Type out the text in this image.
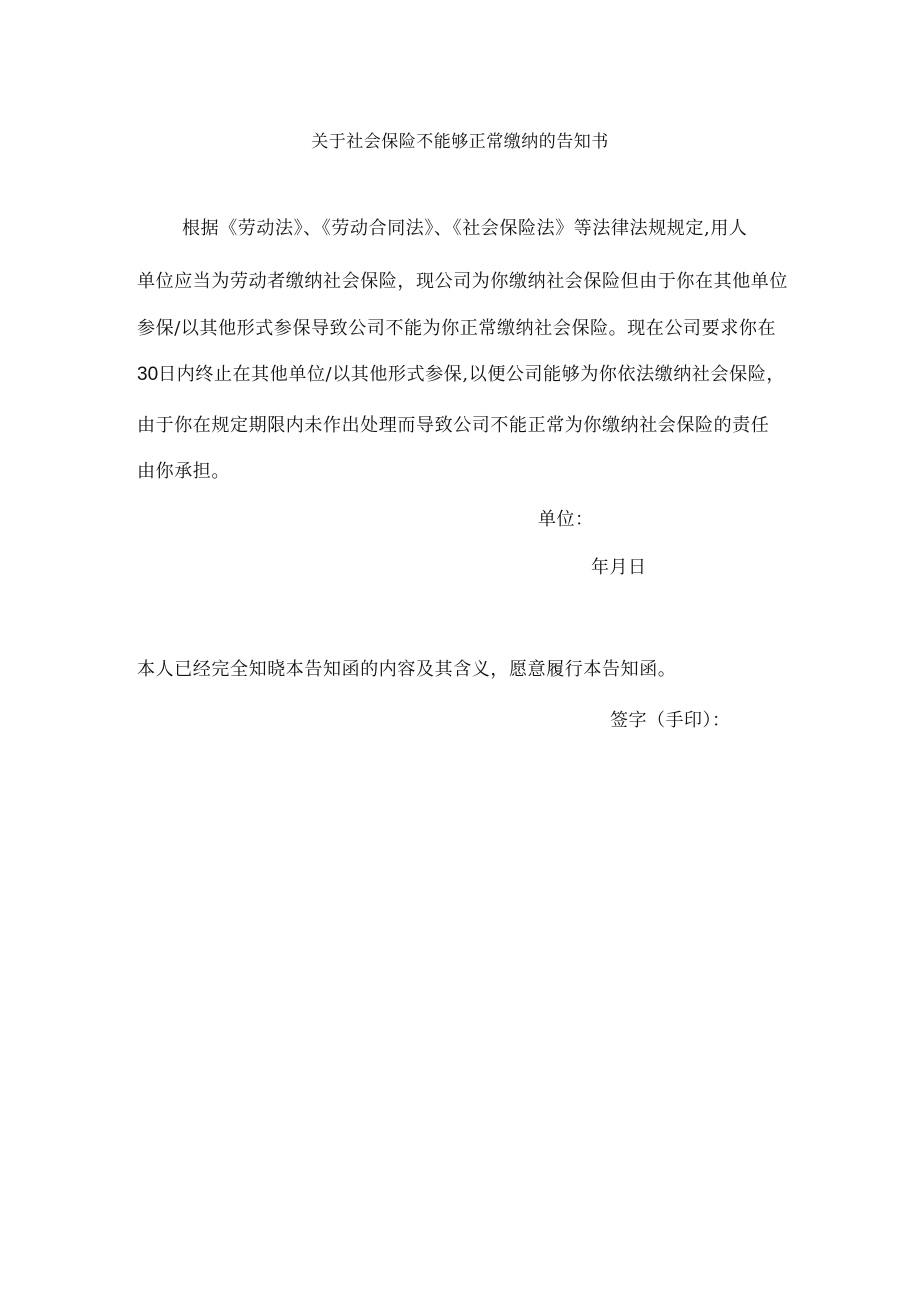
关于社会保险不能够正常缴纳的告知书
根据《劳动法》、《劳动合同法》、《社会保险法》等法律法规规定,用人
单位应当为劳动者缴纳社会保险，现公司为你缴纳社会保险但由于你在其他单位
参保/以其他形式参保导致公司不能为你正常缴纳社会保险。现在公司要求你在
30日内终止在其他单位/以其他形式参保,以便公司能够为你依法缴纳社会保险，
由于你在规定期限内未作出处理而导致公司不能正常为你缴纳社会保险的责任
由你承担。
单位：
年月日
本人已经完全知晓本告知函的内容及其含义，愿意履行本告知函。
签字（手印）：
